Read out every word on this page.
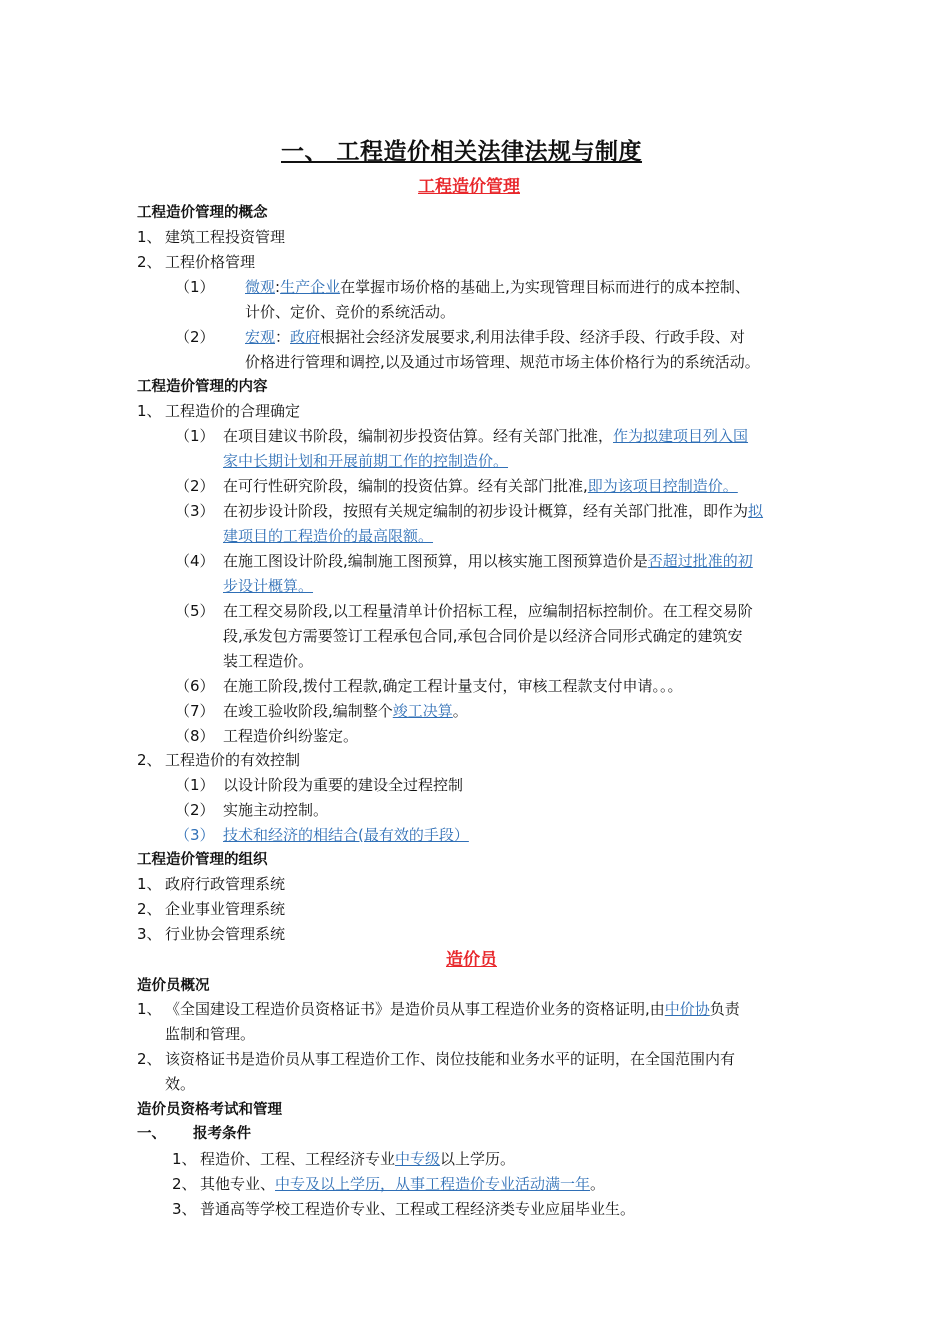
一、 工程造价相关法律法规与制度
工程造价管理
工程造价管理的概念
1、 建筑工程投资管理
2、 工程价格管理
（1） 微观:生产企业在掌握市场价格的基础上,为实现管理目标而进行的成本控制、
计价、定价、竞价的系统活动。
（2） 宏观：政府根据社会经济发展要求,利用法律手段、经济手段、行政手段、对
价格进行管理和调控,以及通过市场管理、规范市场主体价格行为的系统活动。
工程造价管理的内容
1、 工程造价的合理确定
（1） 在项目建议书阶段，编制初步投资估算。经有关部门批准，作为拟建项目列入国
家中长期计划和开展前期工作的控制造价。
（2） 在可行性研究阶段，编制的投资估算。经有关部门批准,即为该项目控制造价。
（3） 在初步设计阶段，按照有关规定编制的初步设计概算，经有关部门批准，即作为拟
建项目的工程造价的最高限额。
（4） 在施工图设计阶段,编制施工图预算，用以核实施工图预算造价是否超过批准的初
步设计概算。
（5） 在工程交易阶段,以工程量清单计价招标工程，应编制招标控制价。在工程交易阶
段,承发包方需要签订工程承包合同,承包合同价是以经济合同形式确定的建筑安
装工程造价。
（6） 在施工阶段,拨付工程款,确定工程计量支付，审核工程款支付申请。。。
（7） 在竣工验收阶段,编制整个竣工决算。
（8） 工程造价纠纷鉴定。
2、 工程造价的有效控制
（1） 以设计阶段为重要的建设全过程控制
（2） 实施主动控制。
（3） 技术和经济的相结合(最有效的手段）
工程造价管理的组织
1、 政府行政管理系统
2、 企业事业管理系统
3、 行业协会管理系统
造价员
造价员概况
1、 《全国建设工程造价员资格证书》是造价员从事工程造价业务的资格证明,由中价协负责
监制和管理。
2、 该资格证书是造价员从事工程造价工作、岗位技能和业务水平的证明，在全国范围内有
效。
造价员资格考试和管理
一、 报考条件
1、 程造价、工程、工程经济专业中专级以上学历。
2、 其他专业、中专及以上学历，从事工程造价专业活动满一年。
3、 普通高等学校工程造价专业、工程或工程经济类专业应届毕业生。
